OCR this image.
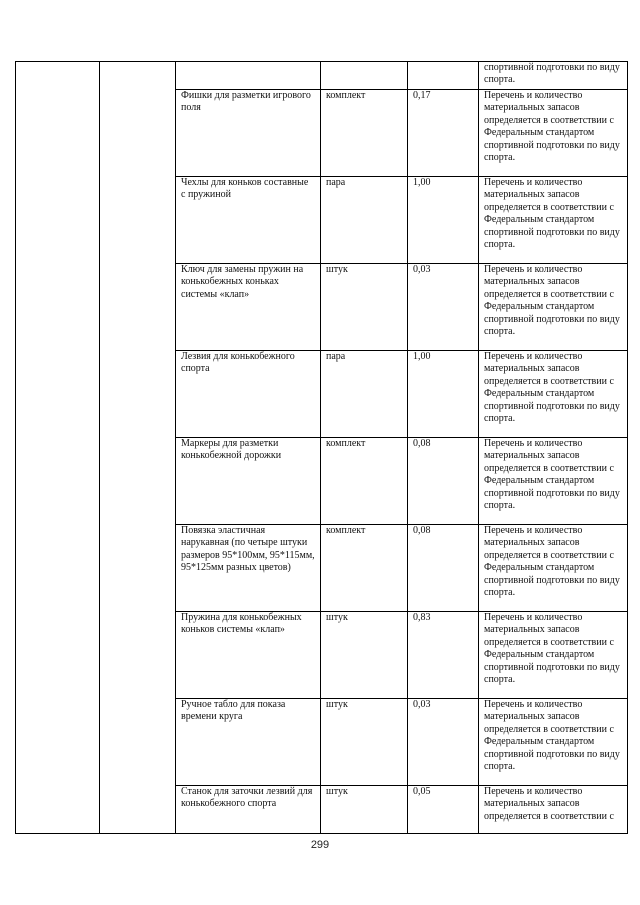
					спортивной подготовки по виду спорта.
		Фишки для разметки игрового поля	комплект	0,17	Перечень и количество материальных запасов определяется в соответствии с Федеральным стандартом спортивной подготовки по виду спорта.
		Чехлы для коньков составные с пружиной	пара	1,00	Перечень и количество материальных запасов определяется в соответствии с Федеральным стандартом спортивной подготовки по виду спорта.
		Ключ для замены пружин на конькобежных коньках системы «клап»	штук	0,03	Перечень и количество материальных запасов определяется в соответствии с Федеральным стандартом спортивной подготовки по виду спорта.
		Лезвия для конькобежного спорта	пара	1,00	Перечень и количество материальных запасов определяется в соответствии с Федеральным стандартом спортивной подготовки по виду спорта.
		Маркеры для разметки конькобежной дорожки	комплект	0,08	Перечень и количество материальных запасов определяется в соответствии с Федеральным стандартом спортивной подготовки по виду спорта.
		Повязка эластичная нарукавная (по четыре штуки размеров 95*100мм, 95*115мм, 95*125мм разных цветов)	комплект	0,08	Перечень и количество материальных запасов определяется в соответствии с Федеральным стандартом спортивной подготовки по виду спорта.
		Пружина для конькобежных коньков системы «клап»	штук	0,83	Перечень и количество материальных запасов определяется в соответствии с Федеральным стандартом спортивной подготовки по виду спорта.
		Ручное табло для показа времени круга	штук	0,03	Перечень и количество материальных запасов определяется в соответствии с Федеральным стандартом спортивной подготовки по виду спорта.
		Станок для заточки лезвий для конькобежного спорта	штук	0,05	Перечень и количество материальных запасов определяется в соответствии с
299
